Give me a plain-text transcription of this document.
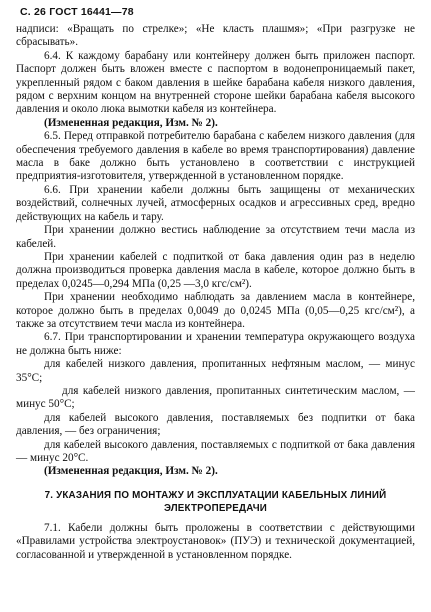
С. 26 ГОСТ 16441—78

надписи: «Вращать по стрелке»; «Не класть плашмя»; «При разгрузке не сбрасывать».

6.4. К каждому барабану или контейнеру должен быть приложен паспорт. Паспорт должен быть вложен вместе с паспортом в водонепроницаемый пакет, укрепленный рядом с баком давления в шейке барабана кабеля низкого давления, рядом с верхним концом на внутренней стороне шейки барабана кабеля высокого давления и около люка вымотки кабеля из контейнера.

(Измененная редакция, Изм. № 2).

6.5. Перед отправкой потребителю барабана с кабелем низкого давления (для обеспечения требуемого давления в кабеле во время транспортирования) давление масла в баке должно быть установлено в соответствии с инструкцией предприятия-изготовителя, утвержденной в установленном порядке.

6.6. При хранении кабели должны быть защищены от механических воздействий, солнечных лучей, атмосферных осадков и агрессивных сред, вредно действующих на кабель и тару.

При хранении должно вестись наблюдение за отсутствием течи масла из кабелей.

При хранении кабелей с подпиткой от бака давления один раз в неделю должна производиться проверка давления масла в кабеле, которое должно быть в пределах 0,0245—0,294 МПа (0,25 —3,0 кгс/см²).

При хранении необходимо наблюдать за давлением масла в контейнере, которое должно быть в пределах 0,0049 до 0,0245 МПа (0,05—0,25 кгс/см²), а также за отсутствием течи масла из контейнера.

6.7. При транспортировании и хранении температура окружающего воздуха не должна быть ниже:

для кабелей низкого давления, пропитанных нефтяным маслом, — минус 35°C;

для кабелей низкого давления, пропитанных синтетическим маслом, — минус 50°C;

для кабелей высокого давления, поставляемых без подпитки от бака давления, — без ограничения;

для кабелей высокого давления, поставляемых с подпиткой от бака давления — минус 20°C.

(Измененная редакция, Изм. № 2).

7. УКАЗАНИЯ ПО МОНТАЖУ И ЭКСПЛУАТАЦИИ КАБЕЛЬНЫХ ЛИНИЙ ЭЛЕКТРОПЕРЕДАЧИ

7.1. Кабели должны быть проложены в соответствии с действующими «Правилами устройства электроустановок» (ПУЭ) и технической документацией, согласованной и утвержденной в установленном порядке.
